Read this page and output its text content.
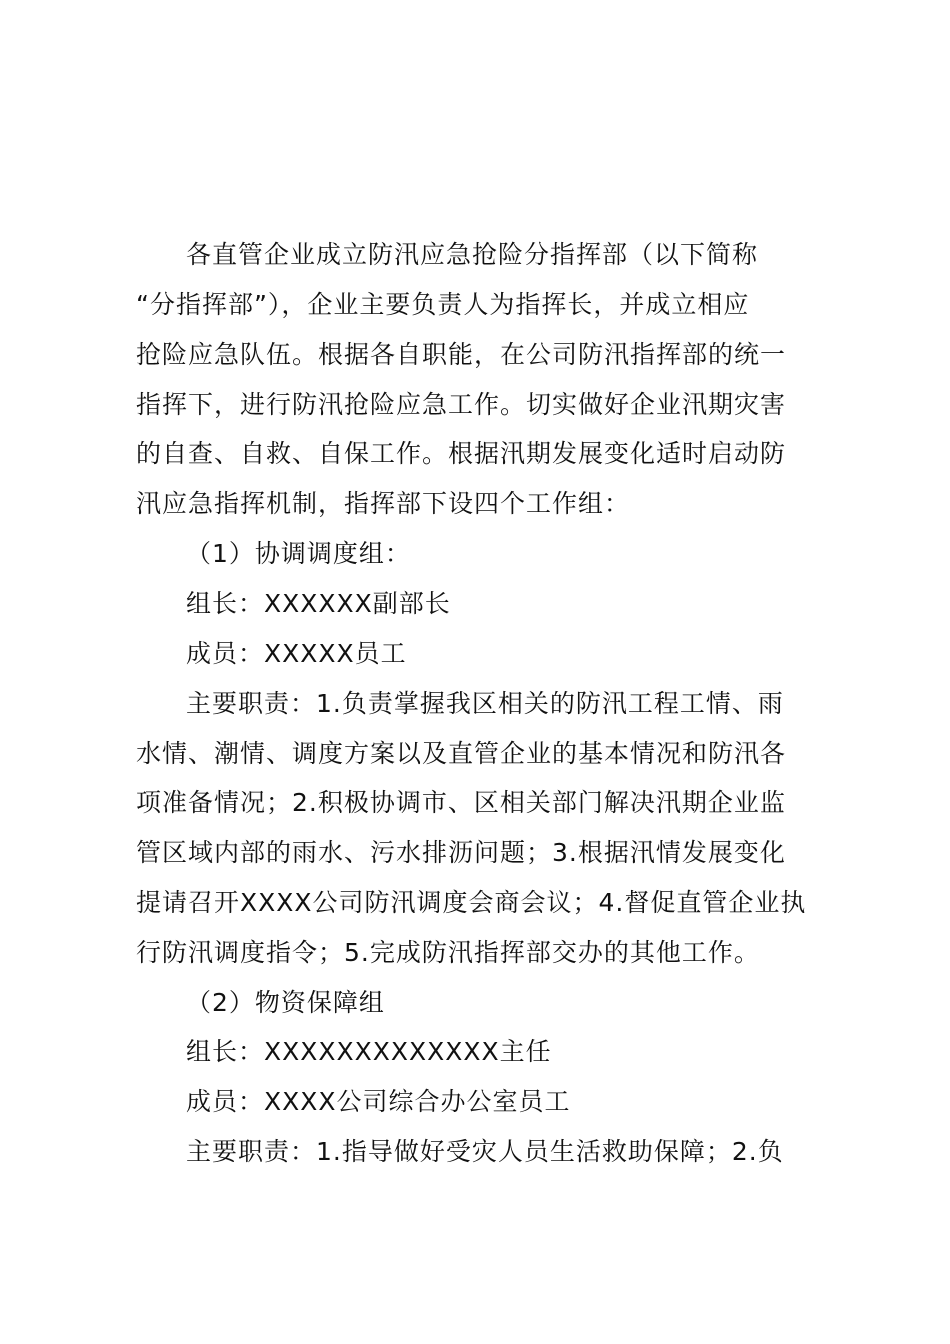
各直管企业成立防汛应急抢险分指挥部（以下简称
“分指挥部”），企业主要负责人为指挥长，并成立相应
抢险应急队伍。根据各自职能，在公司防汛指挥部的统一
指挥下，进行防汛抢险应急工作。切实做好企业汛期灾害
的自查、自救、自保工作。根据汛期发展变化适时启动防
汛应急指挥机制，指挥部下设四个工作组：
（1）协调调度组：
组长：XXXXXX副部长
成员：XXXXX员工
主要职责：1.负责掌握我区相关的防汛工程工情、雨
水情、潮情、调度方案以及直管企业的基本情况和防汛各
项准备情况；2.积极协调市、区相关部门解决汛期企业监
管区域内部的雨水、污水排沥问题；3.根据汛情发展变化
提请召开XXXX公司防汛调度会商会议；4.督促直管企业执
行防汛调度指令；5.完成防汛指挥部交办的其他工作。
（2）物资保障组
组长：XXXXXXXXXXXXX主任
成员：XXXX公司综合办公室员工
主要职责：1.指导做好受灾人员生活救助保障；2.负
